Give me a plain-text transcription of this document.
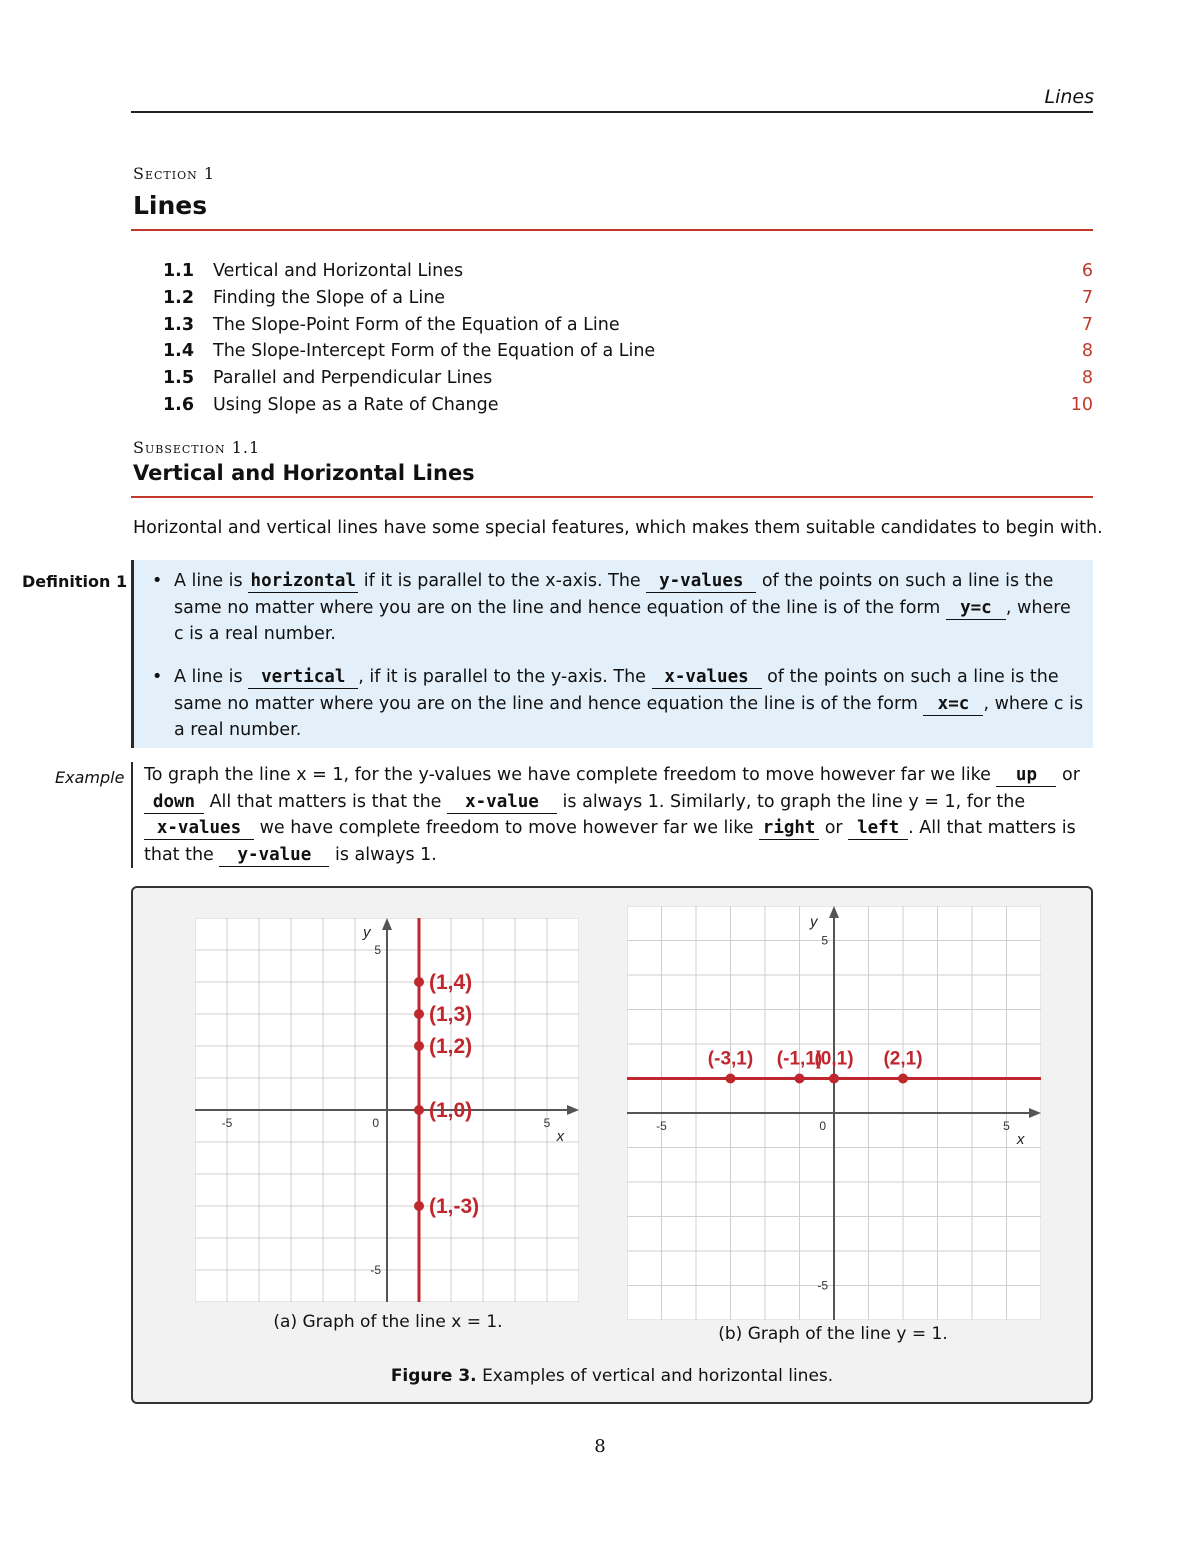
Lines
Section 1
Lines
1.1	Vertical and Horizontal Lines	6
1.2	Finding the Slope of a Line	7
1.3	The Slope-Point Form of the Equation of a Line	7
1.4	The Slope-Intercept Form of the Equation of a Line	8
1.5	Parallel and Perpendicular Lines	8
1.6	Using Slope as a Rate of Change	10
Subsection 1.1
Vertical and Horizontal Lines
Horizontal and vertical lines have some special features, which makes them suitable candidates to begin with.
Definition 1
•	A line is horizontal if it is parallel to the x-axis. The y-values of the points on such a line is the same no matter where you are on the line and hence equation of the line is of the form y=c , where c is a real number.
• A line is vertical , if it is parallel to the y-axis. The x-values of the points on such a line is the same no matter where you are on the line and hence equation the line is of the form x=c , where c is a real number.
Example	To graph the line x = 1, for the y-values we have complete freedom to move however far we like up or down All that matters is that the x-value is always 1. Similarly, to graph the line y = 1, for the x-values we have complete freedom to move however far we like right or left . All that matters is that the y-value is always 1.
-5	0	5
5
-5
x
y
(1,4)
(1,3)
(1,2)
(1,0)
(1,-3)
-5	0	5
5
-5
x
y
(-3,1) (-1,1)
(0,1) (2,1)
(a) Graph of the line x = 1.
(b) Graph of the line y = 1.
Figure 3. Examples of vertical and horizontal lines.
8
